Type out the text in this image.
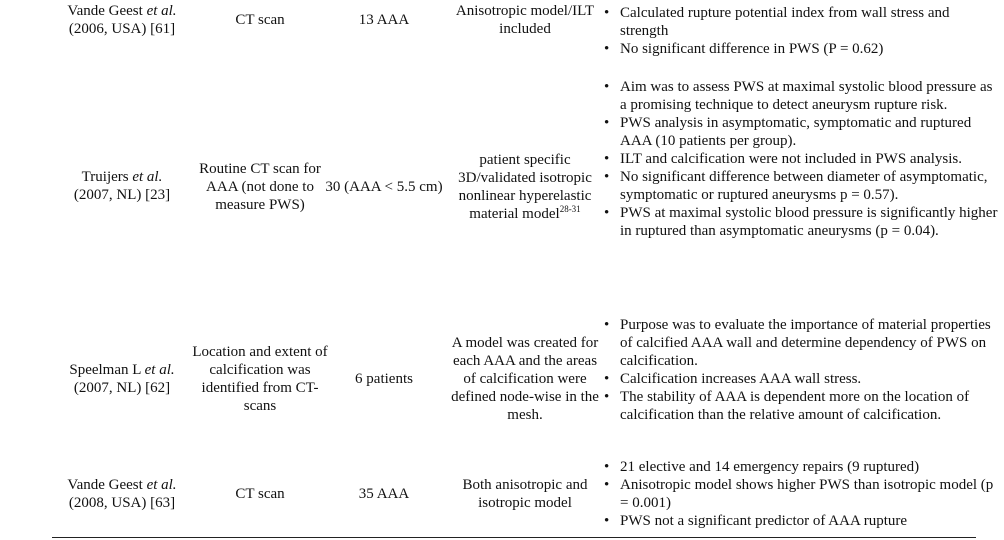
Vande Geest et al.
(2006, USA) [61]
CT scan	13 AAA
Anisotropic model/ILT included
• Calculated rupture potential index from wall stress and strength
• No significant difference in PWS (P = 0.62)
Truijers et al.
(2007, NL) [23]
Routine CT scan for AAA (not done to measure PWS)
30 (AAA < 5.5 cm)
patient specific 3D/validated isotropic nonlinear hyperelastic material model$^{28-31}$
• Aim was to assess PWS at maximal systolic blood pressure as a promising technique to detect aneurysm rupture risk.
• PWS analysis in asymptomatic, symptomatic and ruptured AAA (10 patients per group).
• ILT and calcification were not included in PWS analysis.
• No significant difference between diameter of asymptomatic, symptomatic or ruptured aneurysms p = 0.57).
• PWS at maximal systolic blood pressure is significantly higher in ruptured than asymptomatic aneurysms (p = 0.04).
Speelman L et al.
(2007, NL) [62]
Location and extent of calcification was identified from CT-scans
6 patients
A model was created for each AAA and the areas of calcification were defined node-wise in the mesh.
• Purpose was to evaluate the importance of material properties of calcified AAA wall and determine dependency of PWS on calcification.
• Calcification increases AAA wall stress.
• The stability of AAA is dependent more on the location of calcification than the relative amount of calcification.
Vande Geest et al.
(2008, USA) [63]
CT scan	35 AAA
Both anisotropic and isotropic model
• 21 elective and 14 emergency repairs (9 ruptured)
• Anisotropic model shows higher PWS than isotropic model (p = 0.001)
• PWS not a significant predictor of AAA rupture
